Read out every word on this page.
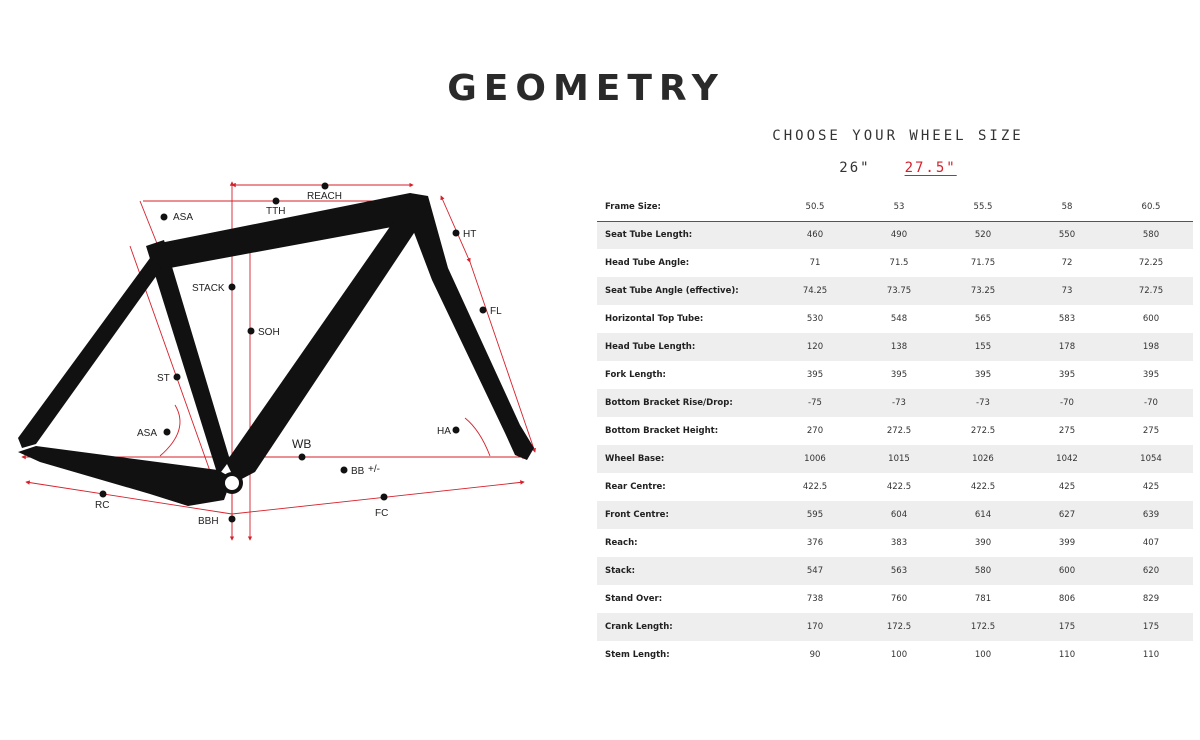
GEOMETRY
CHOOSE YOUR WHEEL SIZE
26" 27.5"
REACH
TTH
ASA
HT
STACK
SOH
FL
ST
ASA	HA
WB
BB +/-
RC
FC
BBH
Frame Size:	50.5	53	55.5	58	60.5
Seat Tube Length:	460	490	520	550	580
Head Tube Angle:	71	71.5	71.75	72	72.25
Seat Tube Angle (effective):	74.25	73.75	73.25	73	72.75
Horizontal Top Tube:	530	548	565	583	600
Head Tube Length:	120	138	155	178	198
Fork Length:	395	395	395	395	395
Bottom Bracket Rise/Drop:	-75	-73	-73	-70	-70
Bottom Bracket Height:	270	272.5	272.5	275	275
Wheel Base:	1006	1015	1026	1042	1054
Rear Centre:	422.5	422.5	422.5	425	425
Front Centre:	595	604	614	627	639
Reach:	376	383	390	399	407
Stack:	547	563	580	600	620
Stand Over:	738	760	781	806	829
Crank Length:	170	172.5	172.5	175	175
Stem Length:	90	100	100	110	110
